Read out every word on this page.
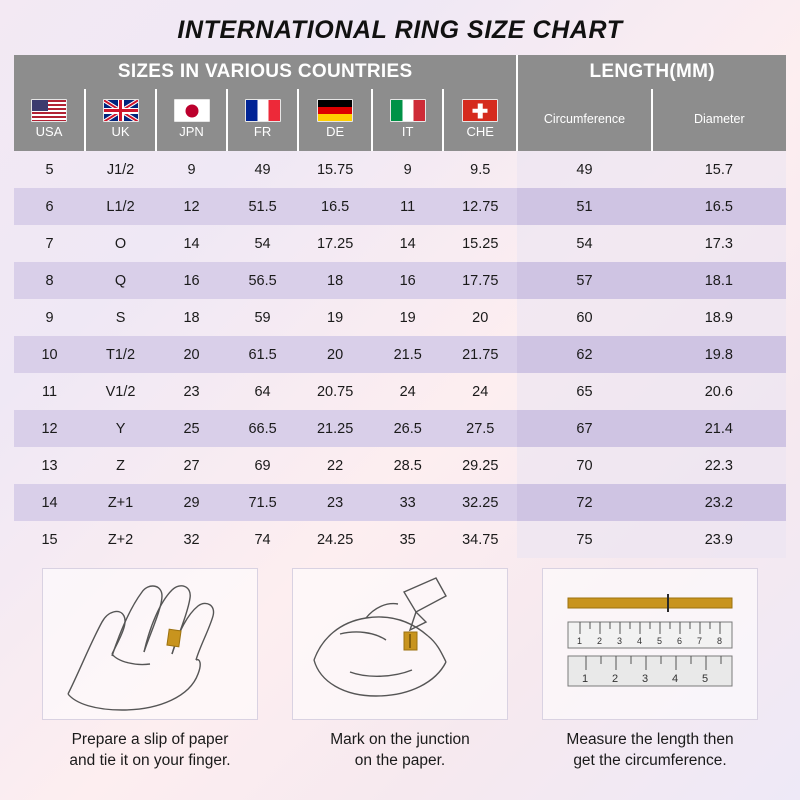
INTERNATIONAL RING SIZE CHART
SIZES IN VARIOUS COUNTRIES							LENGTH(MM)	

USA	UK	JPN	FR	DE	IT	CHE	Circumference	Diameter
5	J1/2	9	49	15.75	9	9.5	49	15.7
6	L1/2	12	51.5	16.5	11	12.75	51	16.5
7	O	14	54	17.25	14	15.25	54	17.3
8	Q	16	56.5	18	16	17.75	57	18.1
9	S	18	59	19	19	20	60	18.9
10	T1/2	20	61.5	20	21.5	21.75	62	19.8
11	V1/2	23	64	20.75	24	24	65	20.6
12	Y	25	66.5	21.25	26.5	27.5	67	21.4
13	Z	27	69	22	28.5	29.25	70	22.3
14	Z+1	29	71.5	23	33	32.25	72	23.2
15	Z+2	32	74	24.25	35	34.75	75	23.9
Prepare a slip of paper
and tie it on your finger.
Mark on the junction
on the paper.
1 2 3 4 5 6 7 8
1 2 3 4 5
Measure the length then
get the circumference.
